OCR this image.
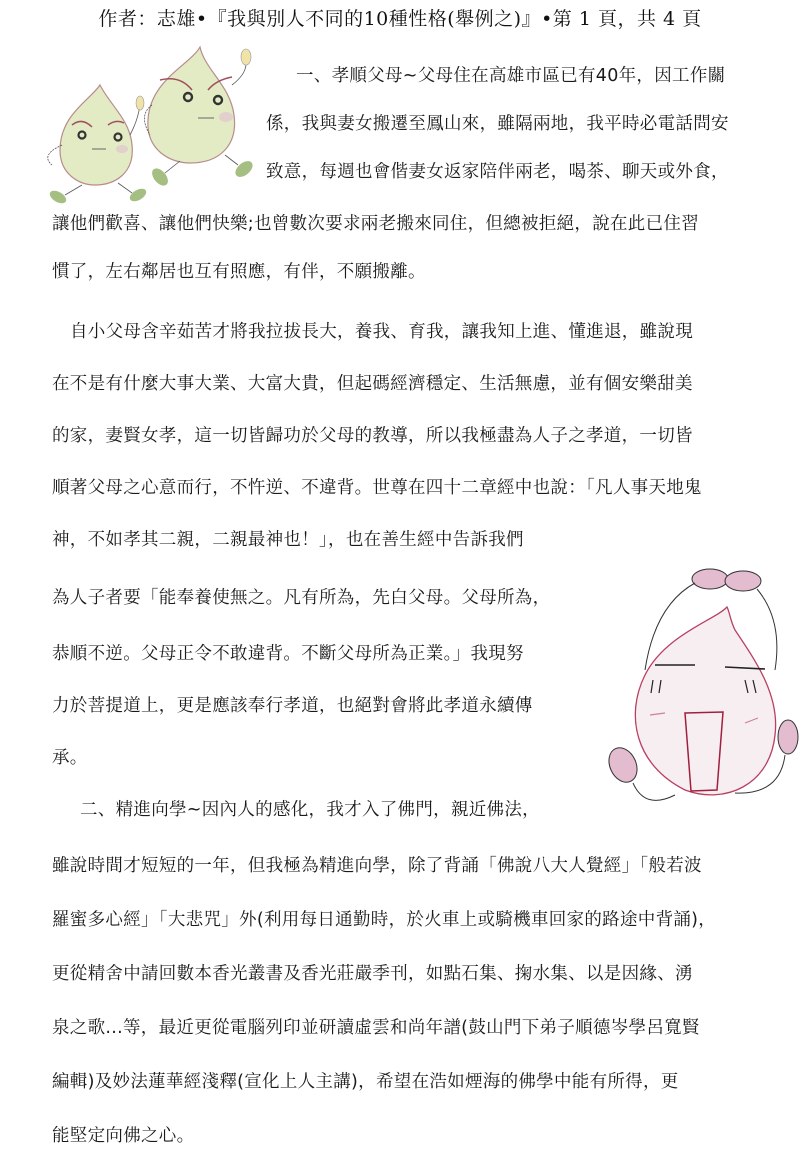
作者：志雄•『我與別人不同的10種性格(舉例之)』•第 1 頁，共 4 頁
一、孝順父母~父母住在高雄市區已有40年，因工作關
係，我與妻女搬遷至鳳山來，雖隔兩地，我平時必電話問安
致意，每週也會偕妻女返家陪伴兩老，喝茶、聊天或外食，
讓他們歡喜、讓他們快樂;也曾數次要求兩老搬來同住，但總被拒絕，說在此已住習
慣了，左右鄰居也互有照應，有伴，不願搬離。
自小父母含辛茹苦才將我拉拔長大，養我、育我，讓我知上進、懂進退，雖說現
在不是有什麼大事大業、大富大貴，但起碼經濟穩定、生活無慮，並有個安樂甜美
的家，妻賢女孝，這一切皆歸功於父母的教導，所以我極盡為人子之孝道，一切皆
順著父母之心意而行，不忤逆、不違背。世尊在四十二章經中也說：「凡人事天地鬼
神，不如孝其二親，二親最神也！」，也在善生經中告訴我們
為人子者要「能奉養使無之。凡有所為，先白父母。父母所為，
恭順不逆。父母正令不敢違背。不斷父母所為正業。」我現努
力於菩提道上，更是應該奉行孝道，也絕對會將此孝道永續傳
承。
二、精進向學~因內人的感化，我才入了佛門，親近佛法，
雖說時間才短短的一年，但我極為精進向學，除了背誦「佛說八大人覺經」「般若波
羅蜜多心經」「大悲咒」外(利用每日通勤時，於火車上或騎機車回家的路途中背誦)，
更從精舍中請回數本香光叢書及香光莊嚴季刊，如點石集、掬水集、以是因緣、湧
泉之歌...等，最近更從電腦列印並研讀虛雲和尚年譜(鼓山門下弟子順德岑學呂寬賢
編輯)及妙法蓮華經淺釋(宣化上人主講)，希望在浩如煙海的佛學中能有所得，更
能堅定向佛之心。
